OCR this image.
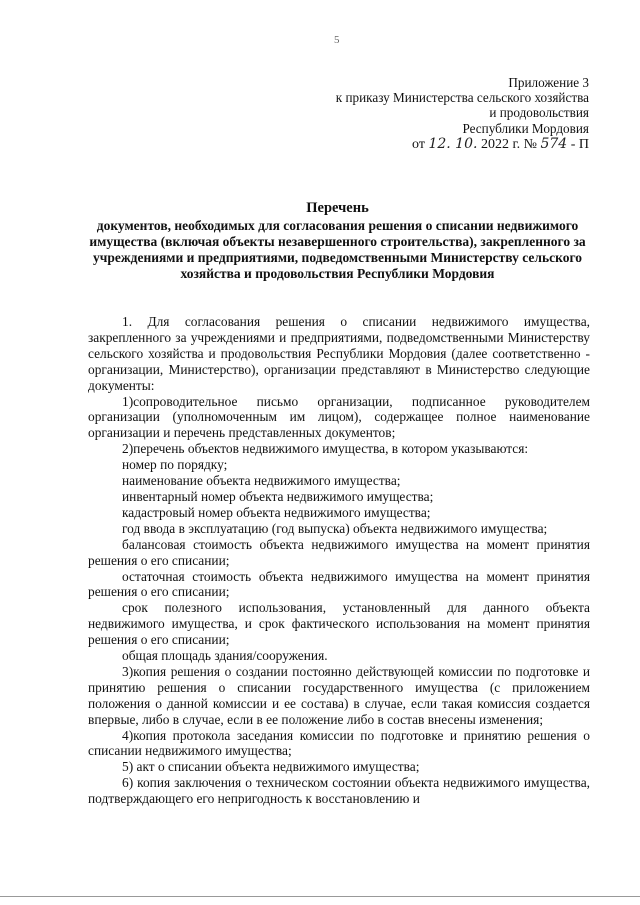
5
Приложение 3
к приказу Министерства сельского хозяйства
и продовольствия
Республики Мордовия
от 12. 10. 2022 г. № 574 - П
Перечень
документов, необходимых для согласования решения о списании недвижимого имущества (включая объекты незавершенного строительства), закрепленного за учреждениями и предприятиями, подведомственными Министерству сельского хозяйства и продовольствия Республики Мордовия

1. Для согласования решения о списании недвижимого имущества, закрепленного за учреждениями и предприятиями, подведомственными Министерству сельского хозяйства и продовольствия Республики Мордовия (далее соответственно - организации, Министерство), организации представляют в Министерство следующие документы:

1)сопроводительное письмо организации, подписанное руководителем организации (уполномоченным им лицом), содержащее полное наименование организации и перечень представленных документов;

2)перечень объектов недвижимого имущества, в котором указываются:

номер по порядку;

наименование объекта недвижимого имущества;

инвентарный номер объекта недвижимого имущества;

кадастровый номер объекта недвижимого имущества;

год ввода в эксплуатацию (год выпуска) объекта недвижимого имущества;

балансовая стоимость объекта недвижимого имущества на момент принятия решения о его списании;

остаточная стоимость объекта недвижимого имущества на момент принятия решения о его списании;

срок полезного использования, установленный для данного объекта недвижимого имущества, и срок фактического использования на момент принятия решения о его списании;

общая площадь здания/сооружения.

3)копия решения о создании постоянно действующей комиссии по подготовке и принятию решения о списании государственного имущества (с приложением положения о данной комиссии и ее состава) в случае, если такая комиссия создается впервые, либо в случае, если в ее положение либо в состав внесены изменения;

4)копия протокола заседания комиссии по подготовке и принятию решения о списании недвижимого имущества;

5) акт о списании объекта недвижимого имущества;

6) копия заключения о техническом состоянии объекта недвижимого имущества, подтверждающего его непригодность к восстановлению и
